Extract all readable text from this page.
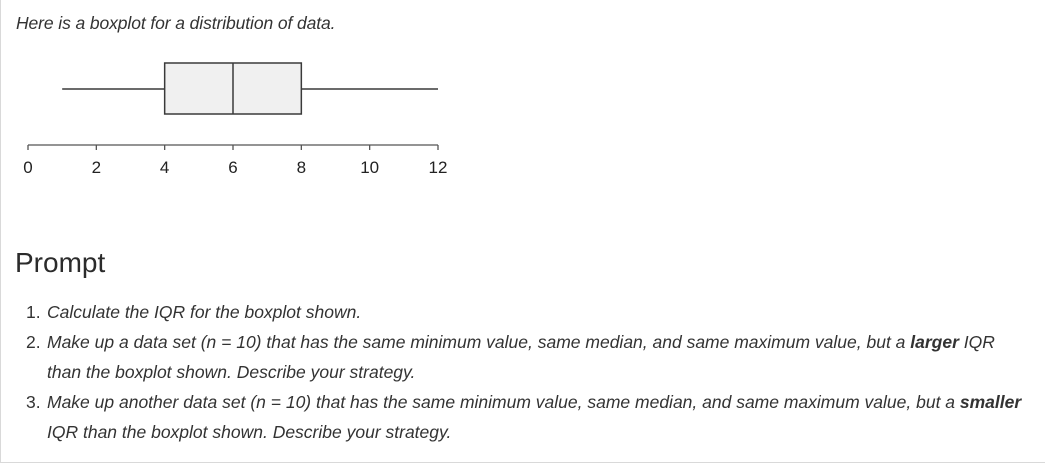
Here is a boxplot for a distribution of data.
0	2	4	6	8	10	12
Prompt
1. Calculate the IQR for the boxplot shown.
2. Make up a data set (n = 10) that has the same minimum value, same median, and same maximum value, but a larger IQR than the boxplot shown. Describe your strategy.
3. Make up another data set (n = 10) that has the same minimum value, same median, and same maximum value, but a smaller IQR than the boxplot shown. Describe your strategy.
